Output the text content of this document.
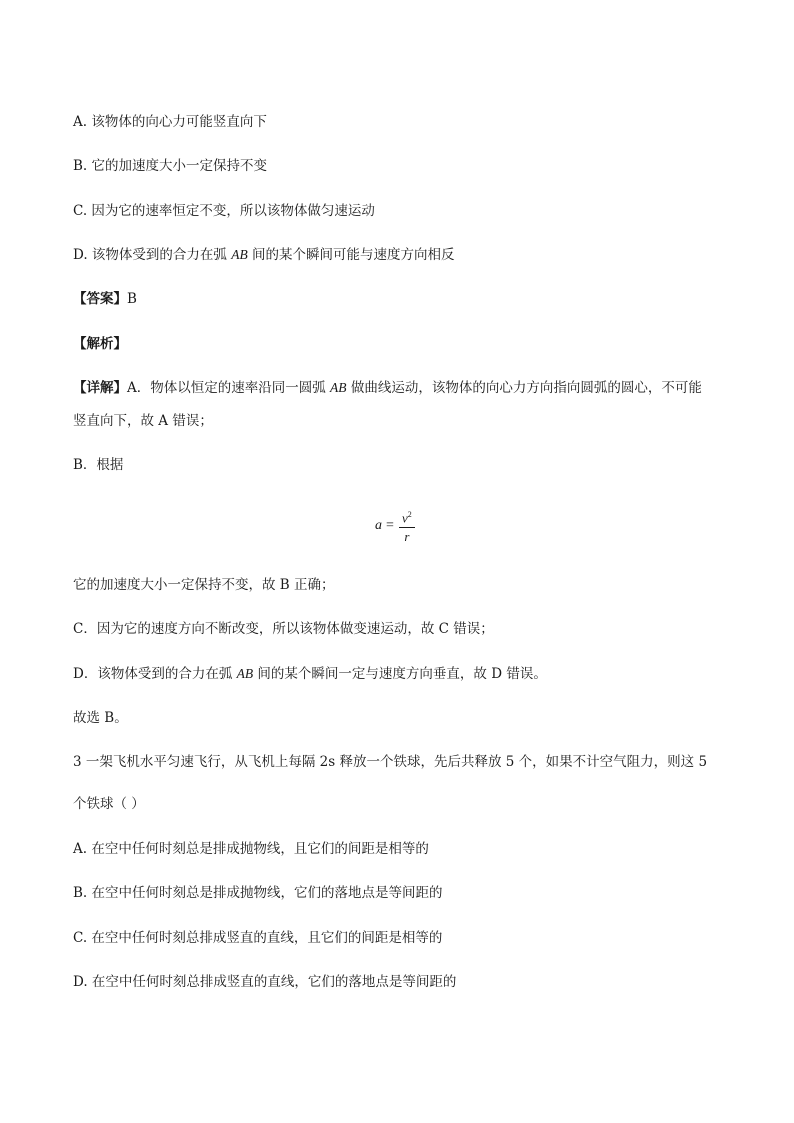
A. 该物体的向心力可能竖直向下
B. 它的加速度大小一定保持不变
C. 因为它的速率恒定不变，所以该物体做匀速运动
D. 该物体受到的合力在弧 AB 间的某个瞬间可能与速度方向相反
【答案】B
【解析】
【详解】A．物体以恒定的速率沿同一圆弧 AB 做曲线运动，该物体的向心力方向指向圆弧的圆心，不可能
竖直向下，故 A 错误；
B．根据
$a = \frac{v^2}{r}$
它的加速度大小一定保持不变，故 B 正确；
C．因为它的速度方向不断改变，所以该物体做变速运动，故 C 错误；
D．该物体受到的合力在弧 AB 间的某个瞬间一定与速度方向垂直，故 D 错误。
故选 B。
3 一架飞机水平匀速飞行，从飞机上每隔 2s 释放一个铁球，先后共释放 5 个，如果不计空气阻力，则这 5
个铁球（ ）
A. 在空中任何时刻总是排成抛物线，且它们的间距是相等的
B. 在空中任何时刻总是排成抛物线，它们的落地点是等间距的
C. 在空中任何时刻总排成竖直的直线，且它们的间距是相等的
D. 在空中任何时刻总排成竖直的直线，它们的落地点是等间距的
